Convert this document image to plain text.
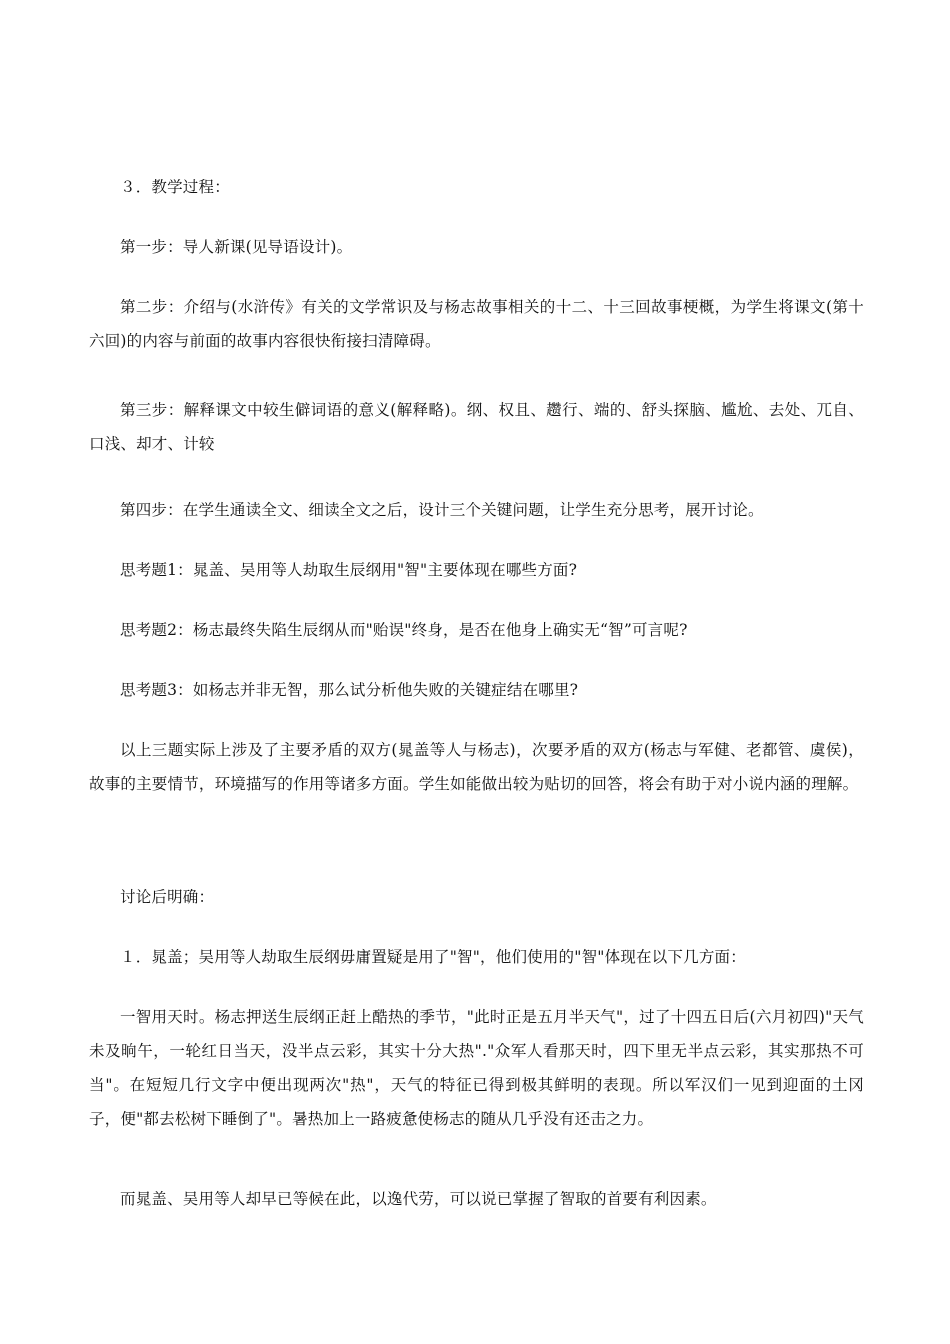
３．教学过程：

第一步：导人新课(见导语设计)。

第二步：介绍与(水浒传》有关的文学常识及与杨志故事相关的十二、十三回故事梗概，为学生将课文(第十六回)的内容与前面的故事内容很快衔接扫清障碍。

第三步：解释课文中较生僻词语的意义(解释略)。纲、权且、趱行、端的、舒头探脑、尴尬、去处、兀自、口浅、却才、计较

第四步：在学生通读全文、细读全文之后，设计三个关键问题，让学生充分思考，展开讨论。

思考题1：晁盖、吴用等人劫取生辰纲用"智"主要体现在哪些方面?

思考题2：杨志最终失陷生辰纲从而"贻误"终身，是否在他身上确实无“智”可言呢?

思考题3：如杨志并非无智，那么试分析他失败的关键症结在哪里?

以上三题实际上涉及了主要矛盾的双方(晁盖等人与杨志)，次要矛盾的双方(杨志与军健、老都管、虞侯)，故事的主要情节，环境描写的作用等诸多方面。学生如能做出较为贴切的回答，将会有助于对小说内涵的理解。

讨论后明确：

１．晁盖；吴用等人劫取生辰纲毋庸置疑是用了"智"，他们使用的"智"体现在以下几方面：

一智用天时。杨志押送生辰纲正赶上酷热的季节，"此时正是五月半天气"，过了十四五日后(六月初四)"天气未及晌午，一轮红日当天，没半点云彩，其实十分大热"."众军人看那天时，四下里无半点云彩，其实那热不可当"。在短短几行文字中便出现两次"热"，天气的特征已得到极其鲜明的表现。所以军汉们一见到迎面的土冈子，便"都去松树下睡倒了"。暑热加上一路疲惫使杨志的随从几乎没有还击之力。

而晁盖、吴用等人却早已等候在此，以逸代劳，可以说已掌握了智取的首要有利因素。
